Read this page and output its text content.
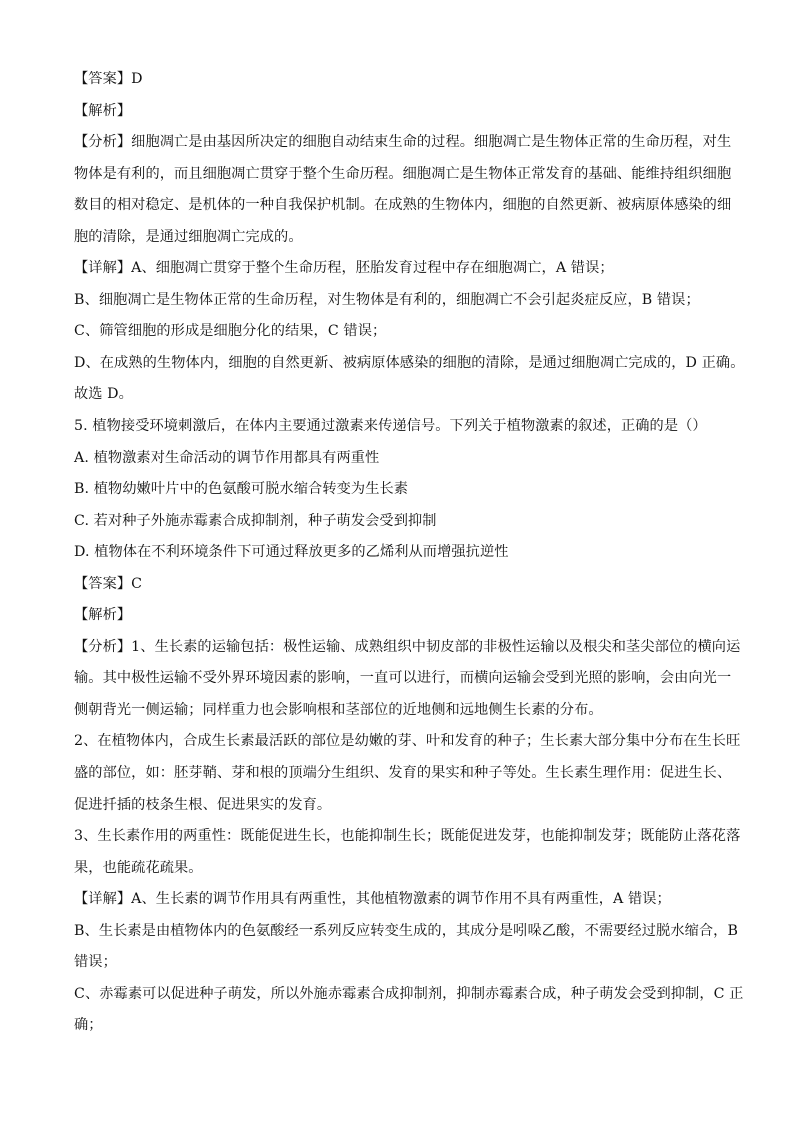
【答案】D
【解析】
【分析】细胞凋亡是由基因所决定的细胞自动结束生命的过程。细胞凋亡是生物体正常的生命历程，对生
物体是有利的，而且细胞凋亡贯穿于整个生命历程。细胞凋亡是生物体正常发育的基础、能维持组织细胞
数目的相对稳定、是机体的一种自我保护机制。在成熟的生物体内，细胞的自然更新、被病原体感染的细
胞的清除，是通过细胞凋亡完成的。
【详解】A、细胞凋亡贯穿于整个生命历程，胚胎发育过程中存在细胞凋亡，A 错误；
B、细胞凋亡是生物体正常的生命历程，对生物体是有利的，细胞凋亡不会引起炎症反应，B 错误；
C、筛管细胞的形成是细胞分化的结果，C 错误；
D、在成熟的生物体内，细胞的自然更新、被病原体感染的细胞的清除，是通过细胞凋亡完成的，D 正确。
故选 D。
5. 植物接受环境刺激后，在体内主要通过激素来传递信号。下列关于植物激素的叙述，正确的是（）
A. 植物激素对生命活动的调节作用都具有两重性
B. 植物幼嫩叶片中的色氨酸可脱水缩合转变为生长素
C. 若对种子外施赤霉素合成抑制剂，种子萌发会受到抑制
D. 植物体在不利环境条件下可通过释放更多的乙烯利从而增强抗逆性
【答案】C
【解析】
【分析】1、生长素的运输包括：极性运输、成熟组织中韧皮部的非极性运输以及根尖和茎尖部位的横向运
输。其中极性运输不受外界环境因素的影响，一直可以进行，而横向运输会受到光照的影响，会由向光一
侧朝背光一侧运输；同样重力也会影响根和茎部位的近地侧和远地侧生长素的分布。
2、在植物体内，合成生长素最活跃的部位是幼嫩的芽、叶和发育的种子；生长素大部分集中分布在生长旺
盛的部位，如：胚芽鞘、芽和根的顶端分生组织、发育的果实和种子等处。生长素生理作用：促进生长、
促进扦插的枝条生根、促进果实的发育。
3、生长素作用的两重性：既能促进生长，也能抑制生长；既能促进发芽，也能抑制发芽；既能防止落花落
果，也能疏花疏果。
【详解】A、生长素的调节作用具有两重性，其他植物激素的调节作用不具有两重性，A 错误；
B、生长素是由植物体内的色氨酸经一系列反应转变生成的，其成分是吲哚乙酸，不需要经过脱水缩合，B
错误；
C、赤霉素可以促进种子萌发，所以外施赤霉素合成抑制剂，抑制赤霉素合成，种子萌发会受到抑制，C 正
确；
